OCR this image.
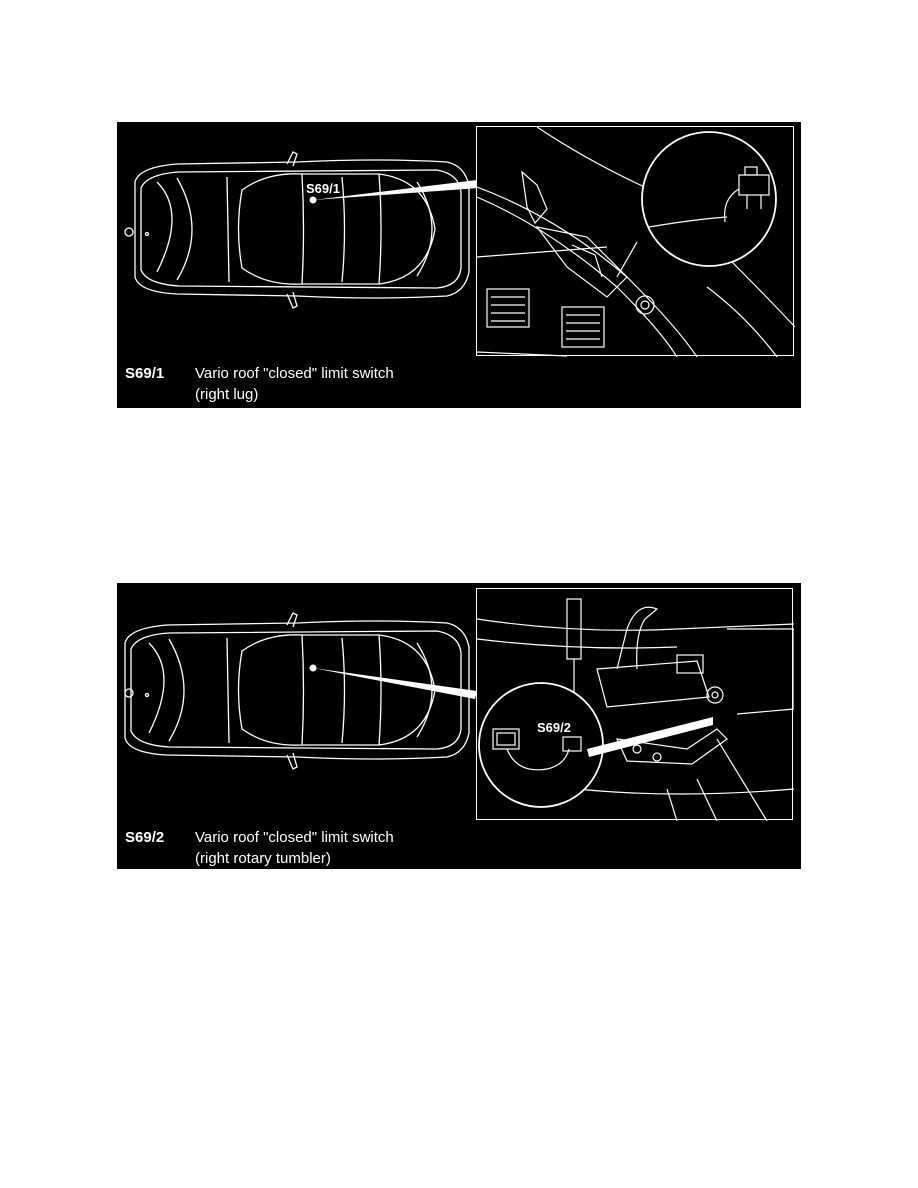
S69/1
S69/1 Vario roof "closed" limit switch
(right lug)
S69/2
S69/2 Vario roof "closed" limit switch
(right rotary tumbler)
